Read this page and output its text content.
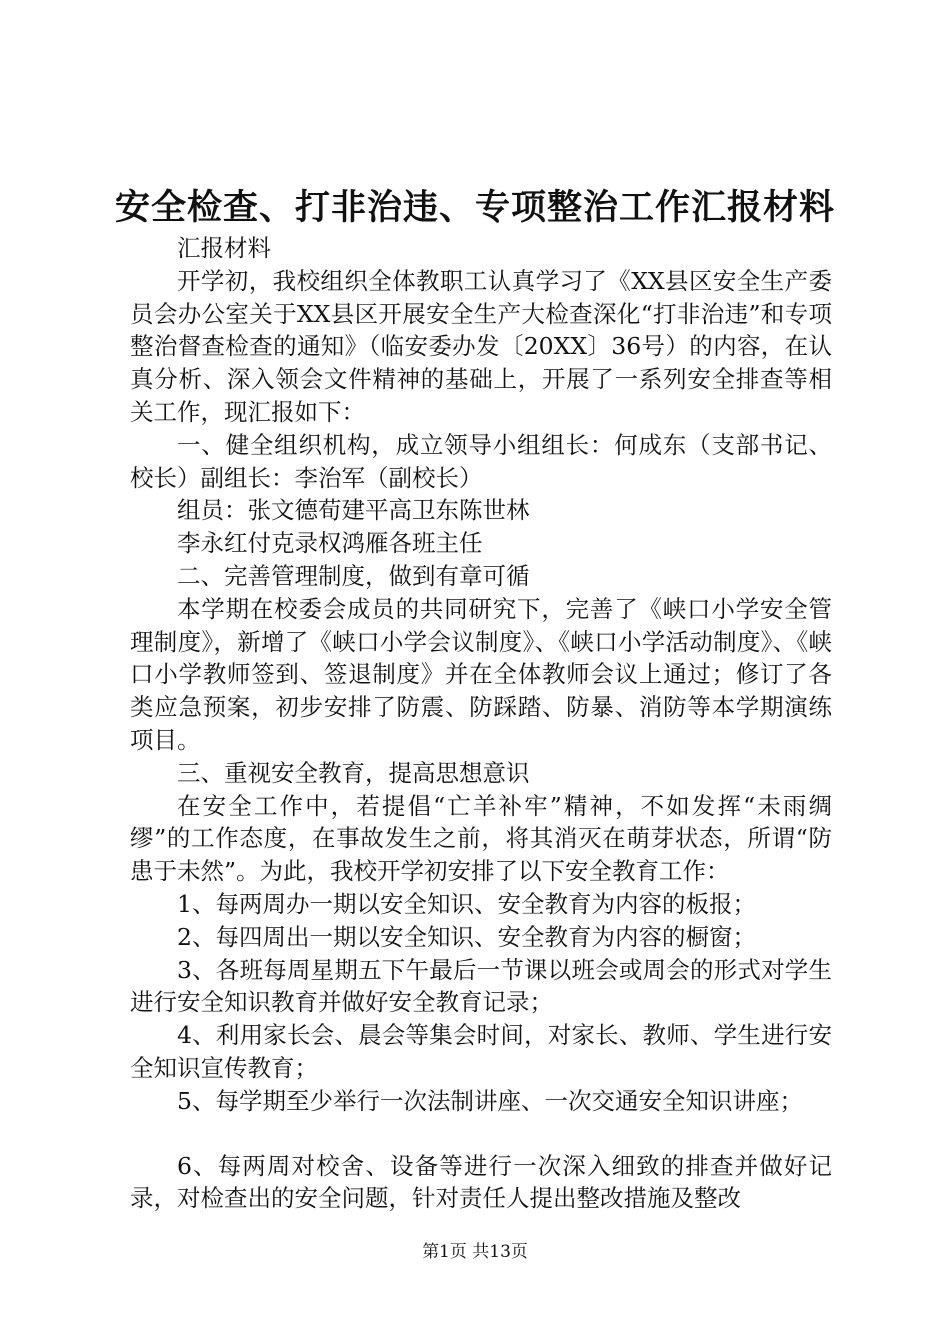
安全检查、打非治违、专项整治工作汇报材料

汇报材料

开学初，我校组织全体教职工认真学习了《XX县区安全生产委员会办公室关于XX县区开展安全生产大检查深化“打非治违”和专项整治督查检查的通知》（临安委办发〔20XX〕36号）的内容，在认真分析、深入领会文件精神的基础上，开展了一系列安全排查等相关工作，现汇报如下：

一、健全组织机构，成立领导小组组长：何成东（支部书记、校长）副组长：李治军（副校长）

组员：张文德荀建平高卫东陈世林

李永红付克录权鸿雁各班主任

二、完善管理制度，做到有章可循

本学期在校委会成员的共同研究下，完善了《峡口小学安全管理制度》，新增了《峡口小学会议制度》、《峡口小学活动制度》、《峡口小学教师签到、签退制度》并在全体教师会议上通过；修订了各类应急预案，初步安排了防震、防踩踏、防暴、消防等本学期演练项目。

三、重视安全教育，提高思想意识

在安全工作中，若提倡“亡羊补牢”精神，不如发挥“未雨绸缪”的工作态度，在事故发生之前，将其消灭在萌芽状态，所谓“防患于未然”。为此，我校开学初安排了以下安全教育工作：

1、每两周办一期以安全知识、安全教育为内容的板报；

2、每四周出一期以安全知识、安全教育为内容的橱窗；

3、各班每周星期五下午最后一节课以班会或周会的形式对学生进行安全知识教育并做好安全教育记录；

4、利用家长会、晨会等集会时间，对家长、教师、学生进行安全知识宣传教育；

5、每学期至少举行一次法制讲座、一次交通安全知识讲座；

6、每两周对校舍、设备等进行一次深入细致的排查并做好记录，对检查出的安全问题，针对责任人提出整改措施及整改

第1页 共13页
